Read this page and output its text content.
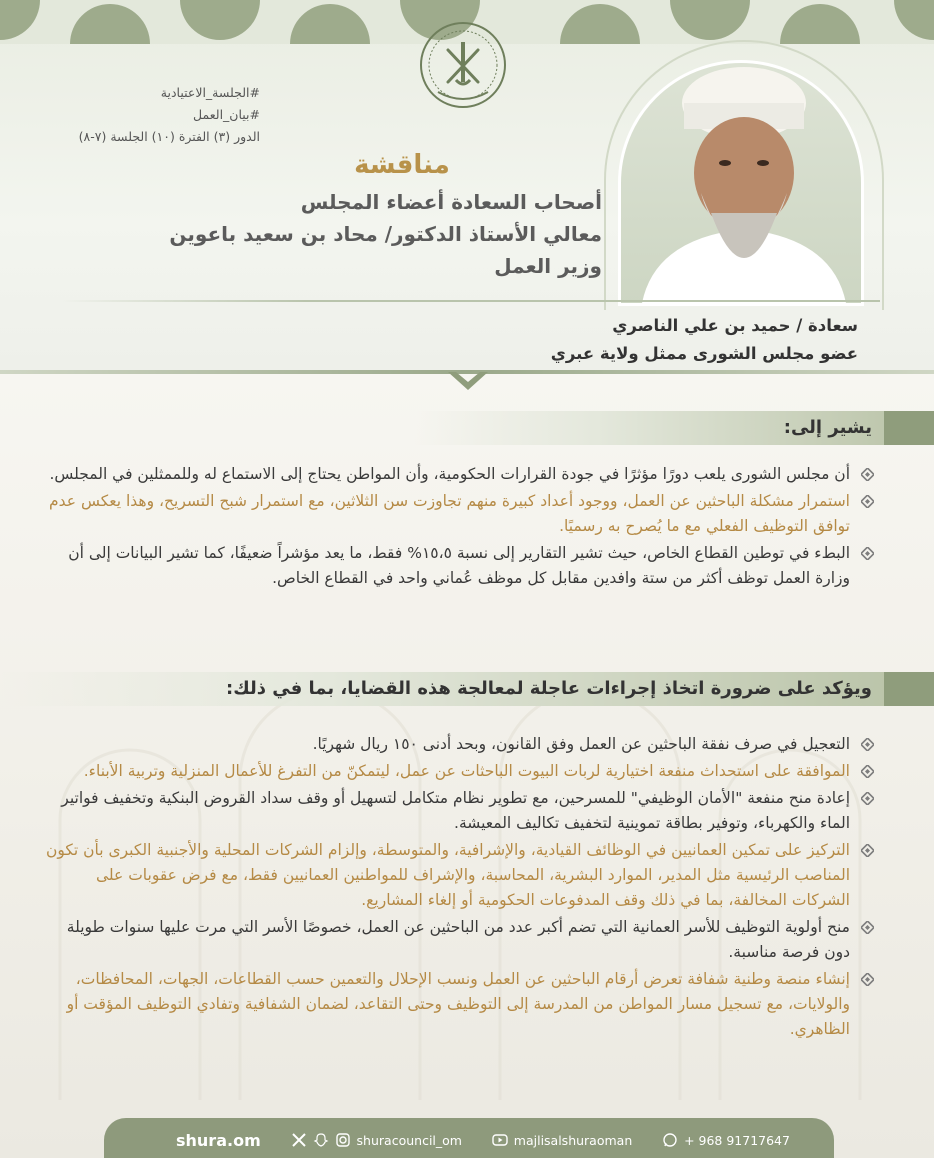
#الجلسة_الاعتيادية
#بيان_العمل
الدور (٣) الفترة (١٠) الجلسة (٧-٨)
مناقشة
أصحاب السعادة أعضاء المجلس
معالي الأستاذ الدكتور/ محاد بن سعيد باعوين
وزير العمل
سعادة / حميد بن علي الناصري
عضو مجلس الشورى ممثل ولاية عبري
يشير إلى:
أن مجلس الشورى يلعب دورًا مؤثرًا في جودة القرارات الحكومية، وأن المواطن يحتاج إلى الاستماع له وللممثلين في المجلس.
استمرار مشكلة الباحثين عن العمل، ووجود أعداد كبيرة منهم تجاوزت سن الثلاثين، مع استمرار شبح التسريح، وهذا يعكس عدم توافق التوظيف الفعلي مع ما يُصرح به رسميًا.
البطء في توطين القطاع الخاص، حيث تشير التقارير إلى نسبة ١٥،٥% فقط، ما يعد مؤشراً ضعيفًا، كما تشير البيانات إلى أن وزارة العمل توظف أكثر من ستة وافدين مقابل كل موظف عُماني واحد في القطاع الخاص.
ويؤكد على ضرورة اتخاذ إجراءات عاجلة لمعالجة هذه القضايا، بما في ذلك:
التعجيل في صرف نفقة الباحثين عن العمل وفق القانون، وبحد أدنى ١٥٠ ريال شهريًا.
الموافقة على استحداث منفعة اختيارية لربات البيوت الباحثات عن عمل، ليتمكنّ من التفرغ للأعمال المنزلية وتربية الأبناء.
إعادة منح منفعة "الأمان الوظيفي" للمسرحين، مع تطوير نظام متكامل لتسهيل أو وقف سداد القروض البنكية وتخفيف فواتير الماء والكهرباء، وتوفير بطاقة تموينية لتخفيف تكاليف المعيشة.
التركيز على تمكين العمانيين في الوظائف القيادية، والإشرافية، والمتوسطة، وإلزام الشركات المحلية والأجنبية الكبرى بأن تكون المناصب الرئيسية مثل المدير، الموارد البشرية، المحاسبة، والإشراف للمواطنين العمانيين فقط، مع فرض عقوبات على الشركات المخالفة، بما في ذلك وقف المدفوعات الحكومية أو إلغاء المشاريع.
منح أولوية التوظيف للأسر العمانية التي تضم أكبر عدد من الباحثين عن العمل، خصوصًا الأسر التي مرت عليها سنوات طويلة دون فرصة مناسبة.
إنشاء منصة وطنية شفافة تعرض أرقام الباحثين عن العمل ونسب الإحلال والتعمين حسب القطاعات، الجهات، المحافظات، والولايات، مع تسجيل مسار المواطن من المدرسة إلى التوظيف وحتى التقاعد، لضمان الشفافية وتفادي التوظيف المؤقت أو الظاهري.
shura.om	shuracouncil_om	majlisalshuraoman	+ 968 91717647
